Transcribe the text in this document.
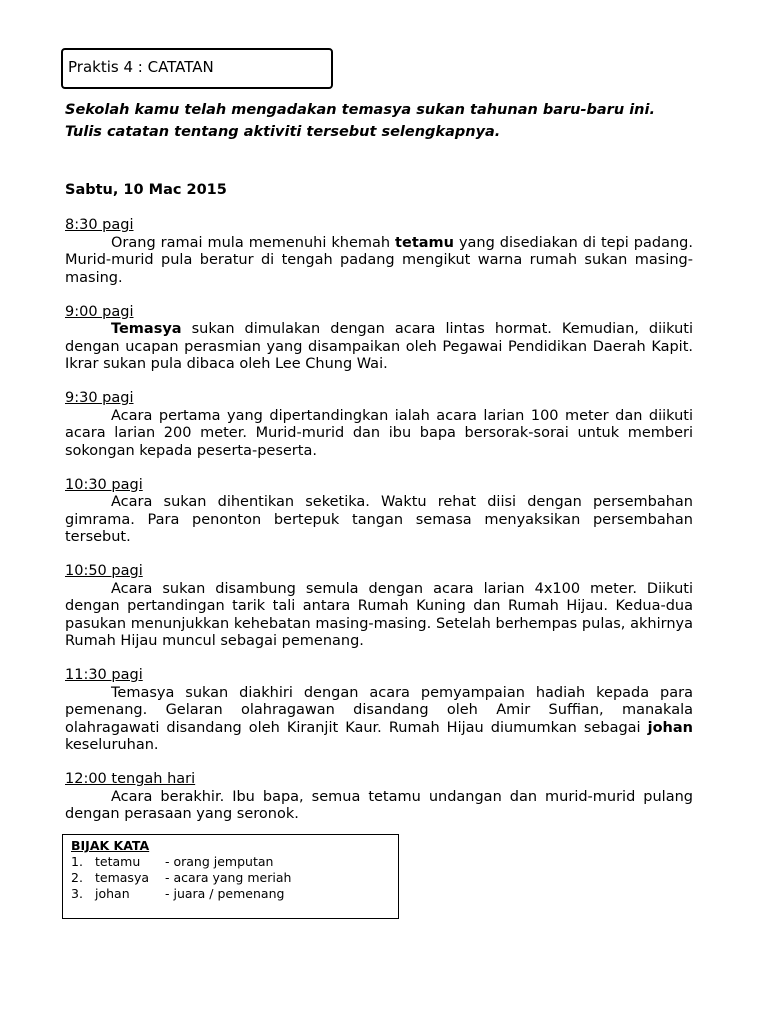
Praktis 4 : CATATAN
Sekolah kamu telah mengadakan temasya sukan tahunan baru-baru ini.
Tulis catatan tentang aktiviti tersebut selengkapnya.
Sabtu, 10 Mac 2015
8:30 pagi
Orang ramai mula memenuhi khemah tetamu yang disediakan di tepi padang. Murid-murid pula beratur di tengah padang mengikut warna rumah sukan masing-masing.
9:00 pagi
Temasya sukan dimulakan dengan acara lintas hormat. Kemudian, diikuti dengan ucapan perasmian yang disampaikan oleh Pegawai Pendidikan Daerah Kapit. Ikrar sukan pula dibaca oleh Lee Chung Wai.
9:30 pagi
Acara pertama yang dipertandingkan ialah acara larian 100 meter dan diikuti acara larian 200 meter. Murid-murid dan ibu bapa bersorak-sorai untuk memberi sokongan kepada peserta-peserta.
10:30 pagi
Acara sukan dihentikan seketika. Waktu rehat diisi dengan persembahan gimrama. Para penonton bertepuk tangan semasa menyaksikan persembahan tersebut.
10:50 pagi
Acara sukan disambung semula dengan acara larian 4x100 meter. Diikuti dengan pertandingan tarik tali antara Rumah Kuning dan Rumah Hijau. Kedua-dua pasukan menunjukkan kehebatan masing-masing. Setelah berhempas pulas, akhirnya Rumah Hijau muncul sebagai pemenang.
11:30 pagi
Temasya sukan diakhiri dengan acara pemyampaian hadiah kepada para pemenang. Gelaran olahragawan disandang oleh Amir Suffian, manakala olahragawati disandang oleh Kiranjit Kaur. Rumah Hijau diumumkan sebagai johan keseluruhan.
12:00 tengah hari
Acara berakhir. Ibu bapa, semua tetamu undangan dan murid-murid pulang dengan perasaan yang seronok.
BIJAK KATA
1. tetamu	- orang jemputan
2. temasya	- acara yang meriah
3. johan	- juara / pemenang
